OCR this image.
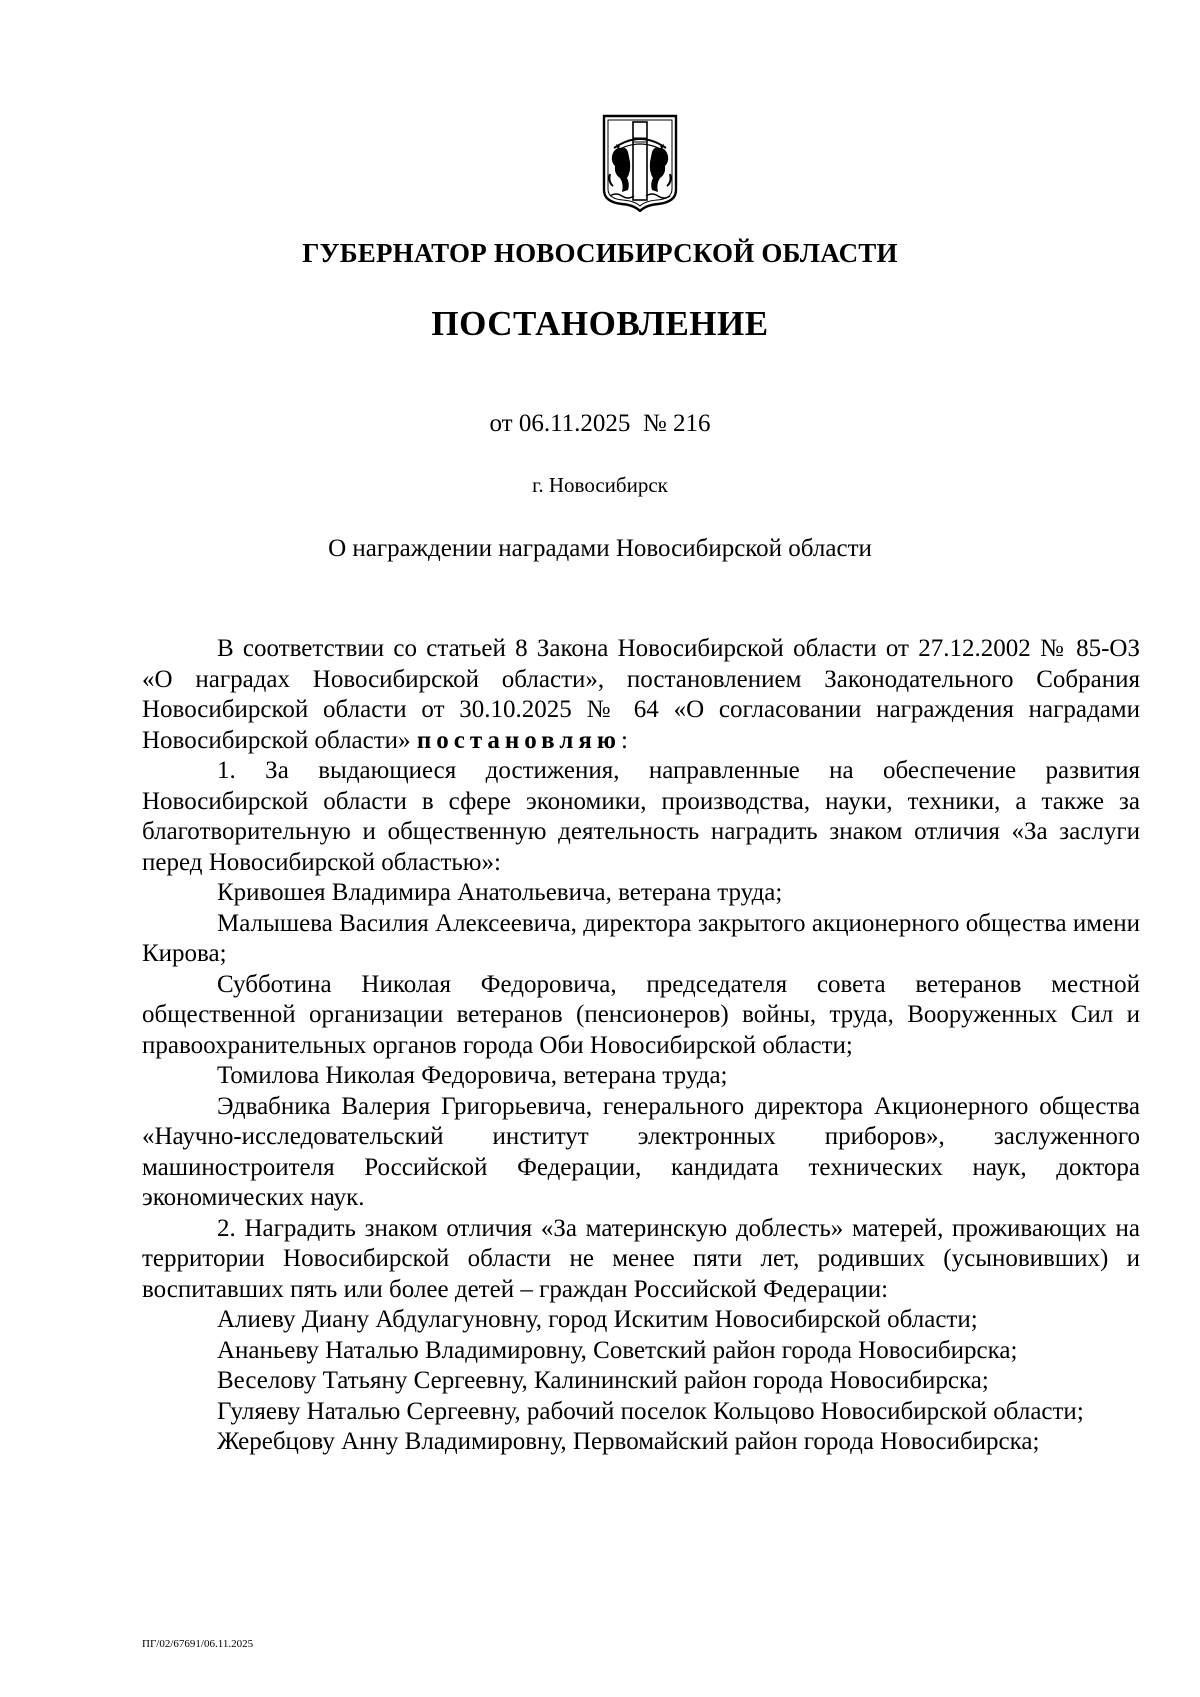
ГУБЕРНАТОР НОВОСИБИРСКОЙ ОБЛАСТИ
ПОСТАНОВЛЕНИЕ
от 06.11.2025  № 216
г. Новосибирск
О награждении наградами Новосибирской области

В соответствии со статьей 8 Закона Новосибирской области от 27.12.2002 № 85-ОЗ «О наградах Новосибирской области», постановлением Законодательного Собрания Новосибирской области от 30.10.2025 № 64 «О согласовании награждения наградами Новосибирской области» постановляю:

1. За выдающиеся достижения, направленные на обеспечение развития Новосибирской области в сфере экономики, производства, науки, техники, а также за благотворительную и общественную деятельность наградить знаком отличия «За заслуги перед Новосибирской областью»:

Кривошея Владимира Анатольевича, ветерана труда;

Малышева Василия Алексеевича, директора закрытого акционерного общества имени Кирова;

Субботина Николая Федоровича, председателя совета ветеранов местной общественной организации ветеранов (пенсионеров) войны, труда, Вооруженных Сил и правоохранительных органов города Оби Новосибирской области;

Томилова Николая Федоровича, ветерана труда;

Эдвабника Валерия Григорьевича, генерального директора Акционерного общества «Научно-исследовательский институт электронных приборов», заслуженного машиностроителя Российской Федерации, кандидата технических наук, доктора экономических наук.

2. Наградить знаком отличия «За материнскую доблесть» матерей, проживающих на территории Новосибирской области не менее пяти лет, родивших (усыновивших) и воспитавших пять или более детей – граждан Российской Федерации:

Алиеву Диану Абдулагуновну, город Искитим Новосибирской области;

Ананьеву Наталью Владимировну, Советский район города Новосибирска;

Веселову Татьяну Сергеевну, Калининский район города Новосибирска;

Гуляеву Наталью Сергеевну, рабочий поселок Кольцово Новосибирской области;

Жеребцову Анну Владимировну, Первомайский район города Новосибирска;

ПГ/02/67691/06.11.2025
